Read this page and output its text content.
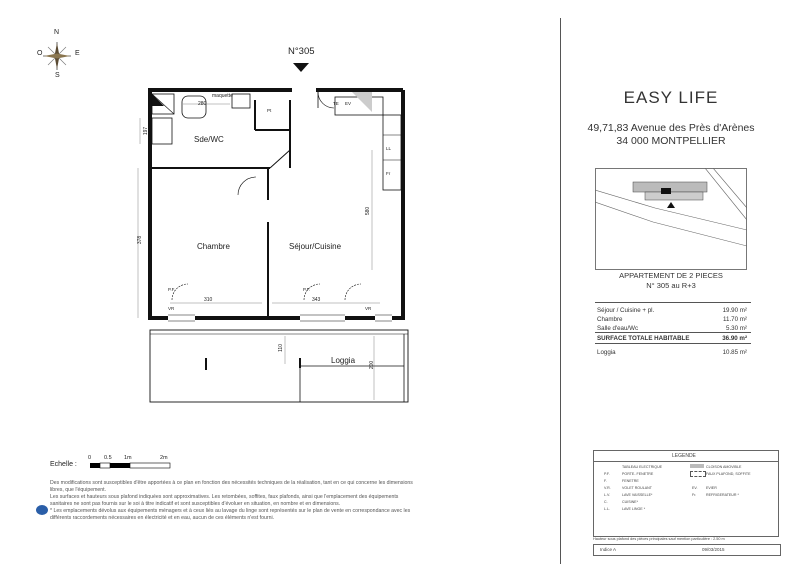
O
N
E
S
N°305
Sde/WC
Chambre	Séjour/Cuisine
Loggia
maquette
280
197
378
580
310	343
110
200
TE EV
Pt
LL
Fr
P.F.	P.F.
VR	VR
Echelle :
0 0.5 1m	2m
Des modifications sont susceptibles d'être apportées à ce plan en fonction des nécessités techniques de la réalisation, tant en ce qui concerne les dimensions libres, que l'équipement.
Les surfaces et hauteurs sous plafond indiquées sont approximatives. Les retombées, soffites, faux plafonds, ainsi que l'emplacement des équipements sanitaires ne sont pas fournis sur le soi à titre indicatif et sont susceptibles d'évoluer en situation, en nombre et en dimensions.
* Les emplacements dévolus aux équipements ménagers et à ceux liés au lavage du linge sont représentés sur le plan de vente en correspondance avec les différents raccordements nécessaires en électricité et en eau, aucun de ces éléments n'est fourni.
EASY LIFE
49,71,83 Avenue des Près d'Arènes
34 000 MONTPELLIER
APPARTEMENT DE 2 PIECES
N° 305 au R+3
Séjour / Cuisine + pl.	19.90 m²
Chambre	11.70 m²
Salle d'eau/Wc	5.30 m²
SURFACE TOTALE HABITABLE	36.90 m²
Loggia	10.85 m²
LEGENDE
TABLEAU ELECTRIQUE
P.F.	PORTE- FENETRE
F.	FENETRE
V.R.	VOLET ROULANT
L.V.	LAVE VAISSELLE*
C.	CUISINE*
L.L.	LAVE LINGE *
CLOISON AMOVIBLE
FAUX PLAFOND, SOFFITE
EV. EVIER
Fr.	REFRIGERATEUR *
Hauteur sous plafond des pièces principales sauf mention particulière : 2.50 m
Indice A	09/03/2015
